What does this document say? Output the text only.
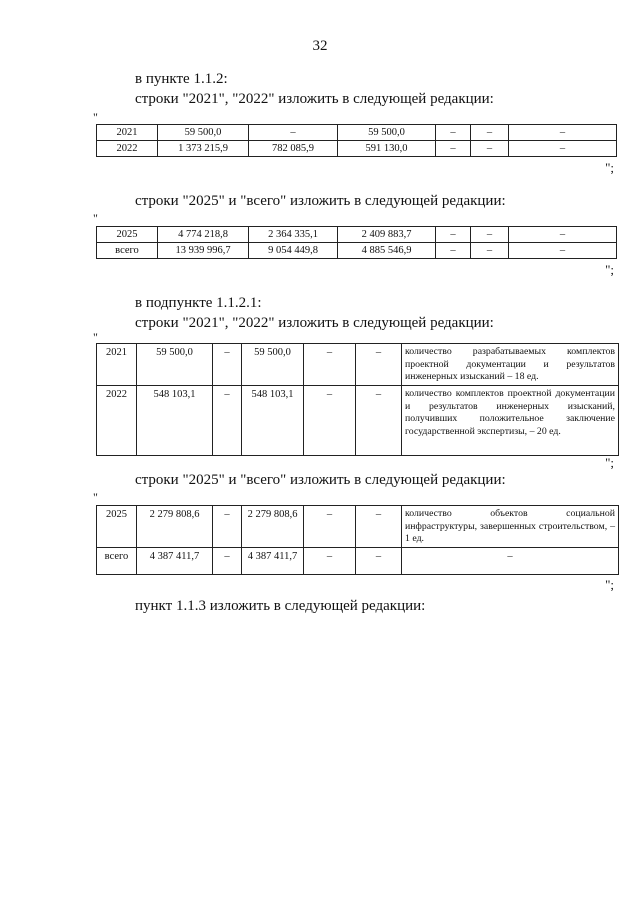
32
в пункте 1.1.2:
строки "2021", "2022" изложить в следующей редакции:
"
2021	59 500,0	–	59 500,0	–	–	–
2022	1 373 215,9	782 085,9	591 130,0	–	–	–
";
строки "2025" и "всего" изложить в следующей редакции:
"
2025	4 774 218,8	2 364 335,1	2 409 883,7	–	–	–
всего	13 939 996,7	9 054 449,8	4 885 546,9	–	–	–
";
в подпункте 1.1.2.1:
строки "2021", "2022" изложить в следующей редакции:
"
2021	59 500,0	–	59 500,0	–	–	количество разрабатываемых комплектов проектной документации и результатов инженерных изысканий – 18 ед.
2022	548 103,1	–	548 103,1	–	–	количество комплектов проектной документации и результатов инженерных изысканий, получивших положительное заключение государственной экспертизы, – 20 ед.
";
строки "2025" и "всего" изложить в следующей редакции:
"
2025	2 279 808,6	–	2 279 808,6	–	–	количество объектов социальной инфраструктуры, завершенных строительством, – 1 ед.
всего	4 387 411,7	–	4 387 411,7	–	–	–
";
пункт 1.1.3 изложить в следующей редакции:
